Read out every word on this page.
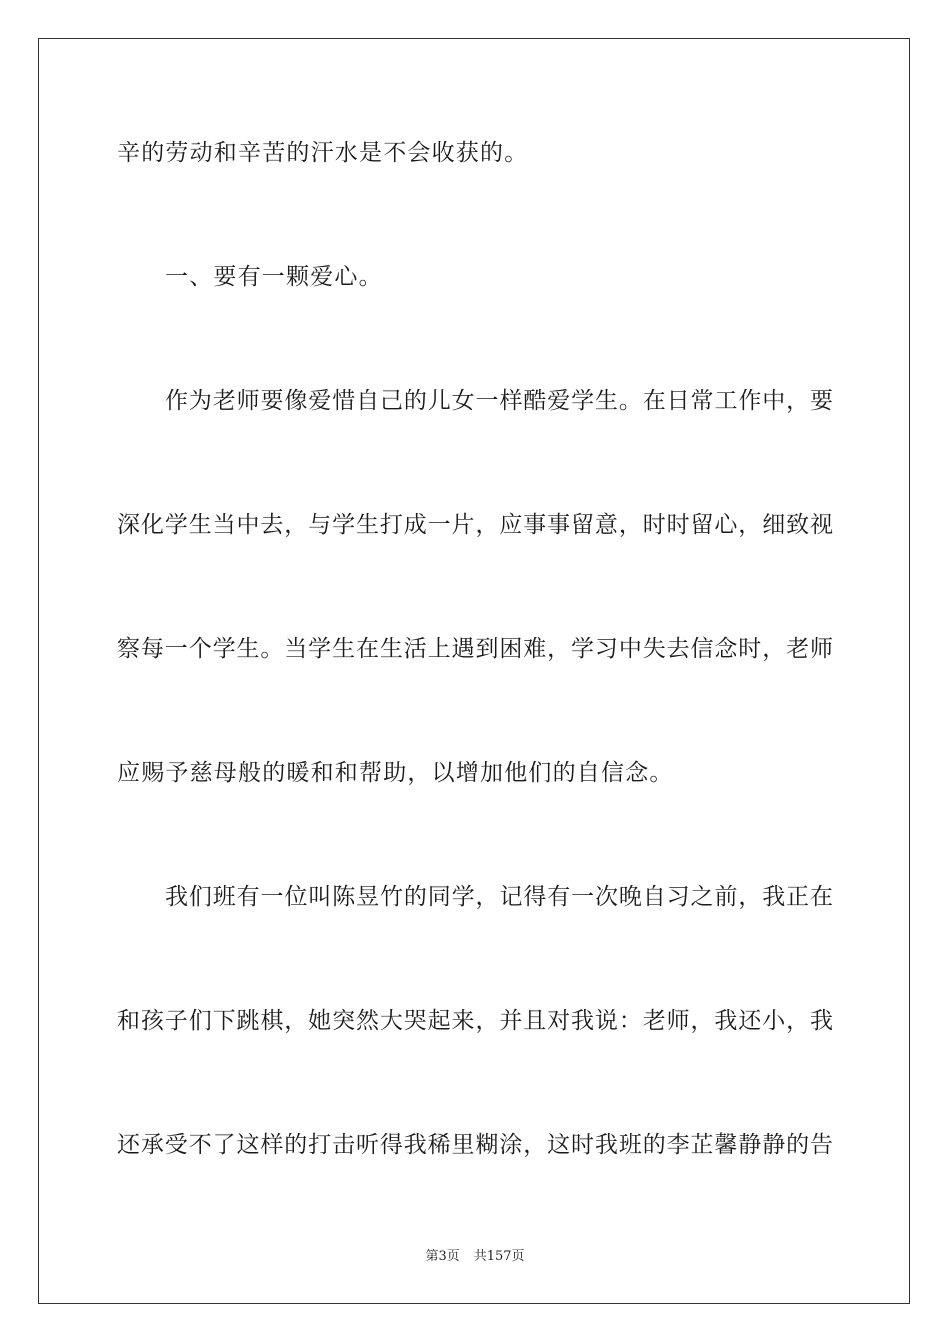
辛的劳动和辛苦的汗水是不会收获的。
一、要有一颗爱心。
作为老师要像爱惜自己的儿女一样酷爱学生。在日常工作中，要
深化学生当中去，与学生打成一片，应事事留意，时时留心，细致视
察每一个学生。当学生在生活上遇到困难，学习中失去信念时，老师
应赐予慈母般的暖和和帮助，以增加他们的自信念。
我们班有一位叫陈昱竹的同学，记得有一次晚自习之前，我正在
和孩子们下跳棋，她突然大哭起来，并且对我说：老师，我还小，我
还承受不了这样的打击听得我稀里糊涂，这时我班的李芷馨静静的告
第3页 共157页
